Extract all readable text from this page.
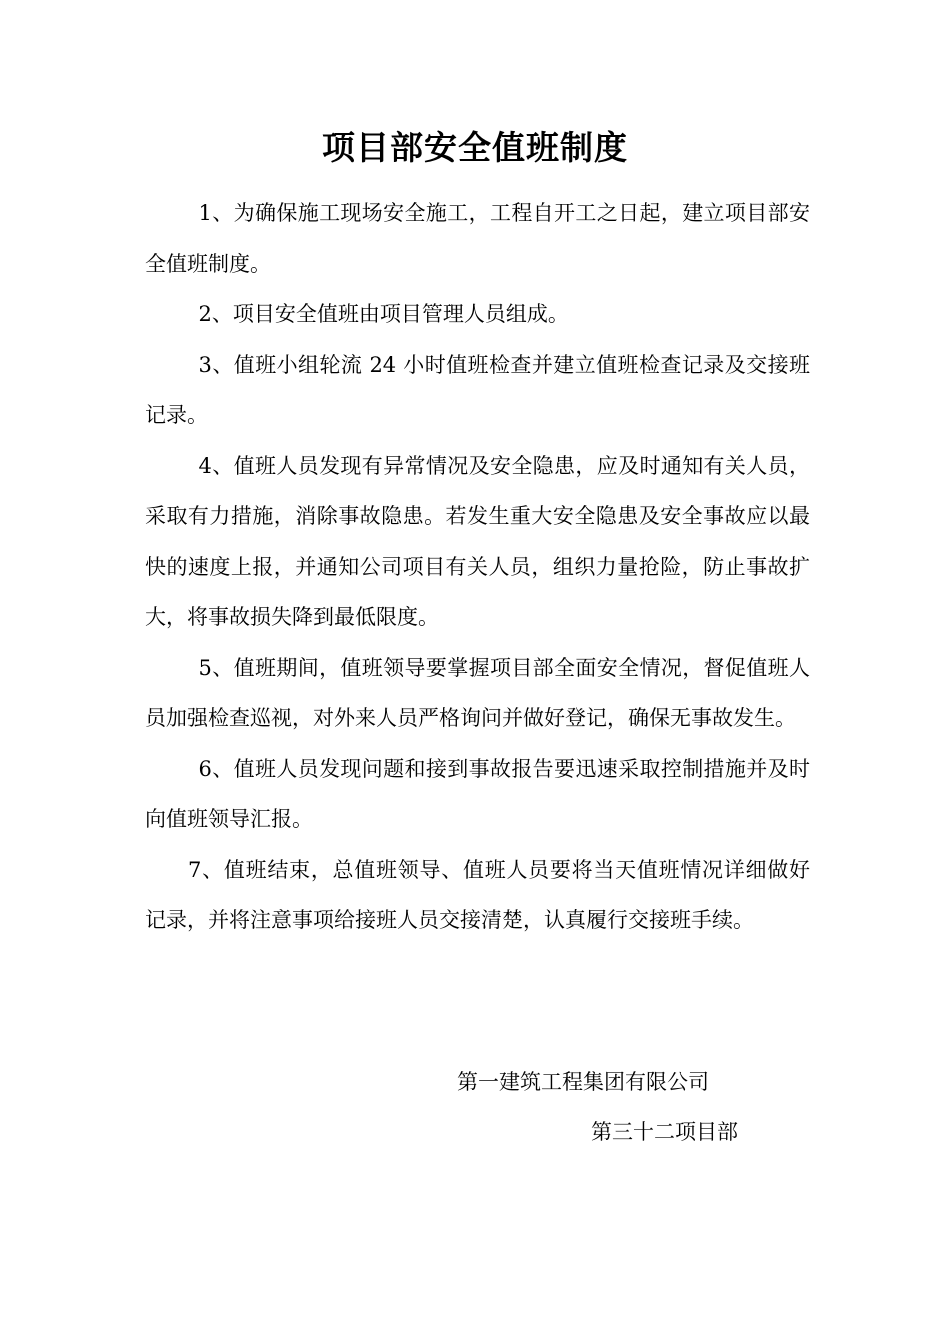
项目部安全值班制度

1、为确保施工现场安全施工，工程自开工之日起，建立项目部安全值班制度。

2、项目安全值班由项目管理人员组成。

3、值班小组轮流 24 小时值班检查并建立值班检查记录及交接班记录。

4、值班人员发现有异常情况及安全隐患，应及时通知有关人员，采取有力措施，消除事故隐患。若发生重大安全隐患及安全事故应以最快的速度上报，并通知公司项目有关人员，组织力量抢险，防止事故扩大，将事故损失降到最低限度。

5、值班期间，值班领导要掌握项目部全面安全情况，督促值班人员加强检查巡视，对外来人员严格询问并做好登记，确保无事故发生。

6、值班人员发现问题和接到事故报告要迅速采取控制措施并及时向值班领导汇报。

7、值班结束，总值班领导、值班人员要将当天值班情况详细做好记录，并将注意事项给接班人员交接清楚，认真履行交接班手续。

第一建筑工程集团有限公司
第三十二项目部
